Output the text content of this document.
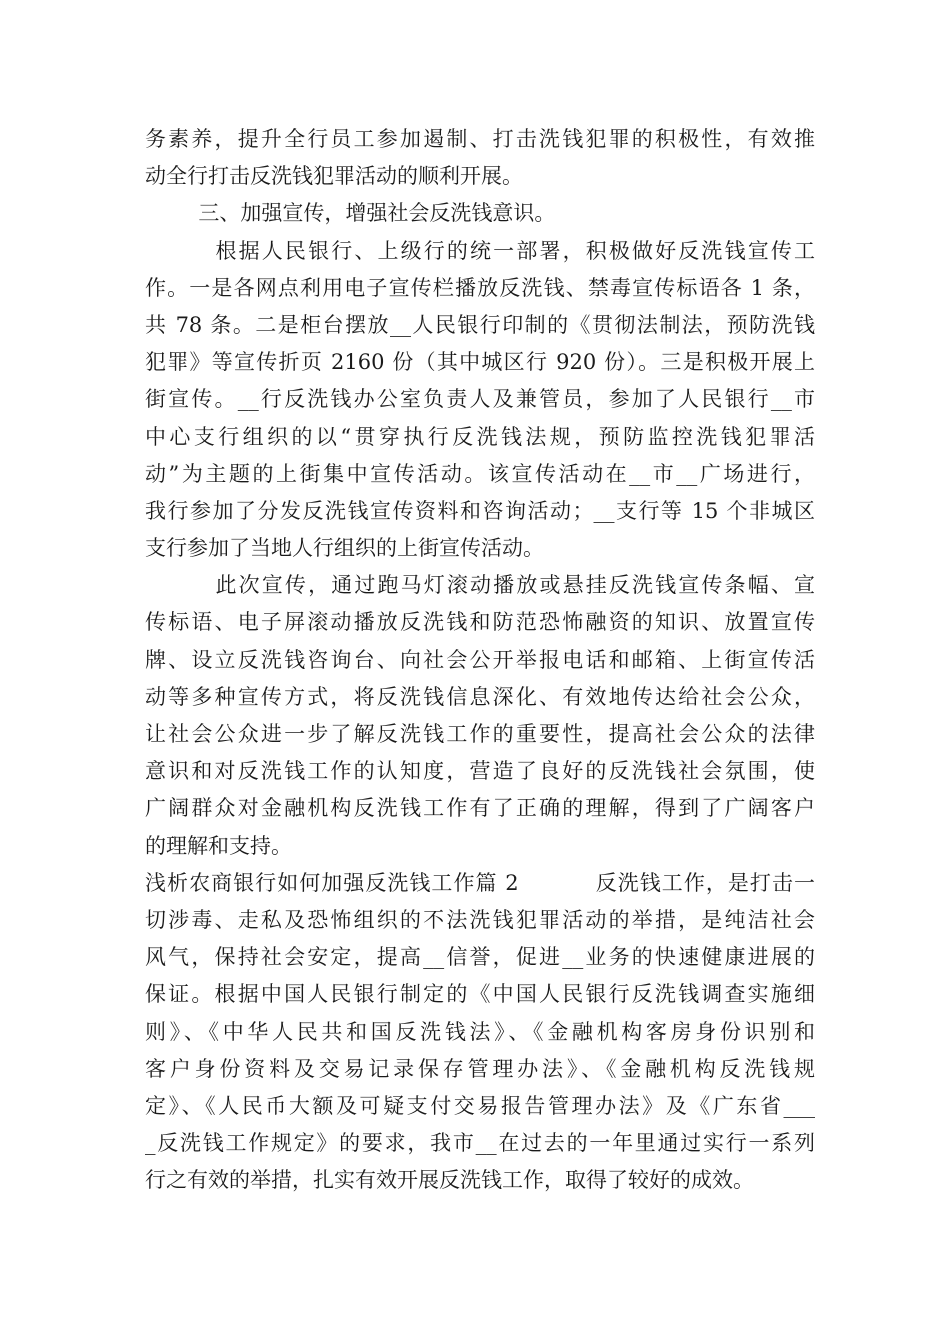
务素养，提升全行员工参加遏制、打击洗钱犯罪的积极性，有效推
动全行打击反洗钱犯罪活动的顺利开展。
三、加强宣传，增强社会反洗钱意识。
根据人民银行、上级行的统一部署，积极做好反洗钱宣传工
作。一是各网点利用电子宣传栏播放反洗钱、禁毒宣传标语各 1 条，
共 78 条。二是柜台摆放__人民银行印制的《贯彻法制法，预防洗钱
犯罪》等宣传折页 2160 份（其中城区行 920 份）。三是积极开展上
街宣传。__行反洗钱办公室负责人及兼管员，参加了人民银行__市
中心支行组织的以“贯穿执行反洗钱法规，预防监控洗钱犯罪活
动”为主题的上街集中宣传活动。该宣传活动在__市__广场进行，
我行参加了分发反洗钱宣传资料和咨询活动；__支行等 15 个非城区
支行参加了当地人行组织的上街宣传活动。
此次宣传，通过跑马灯滚动播放或悬挂反洗钱宣传条幅、宣
传标语、电子屏滚动播放反洗钱和防范恐怖融资的知识、放置宣传
牌、设立反洗钱咨询台、向社会公开举报电话和邮箱、上街宣传活
动等多种宣传方式，将反洗钱信息深化、有效地传达给社会公众，
让社会公众进一步了解反洗钱工作的重要性，提高社会公众的法律
意识和对反洗钱工作的认知度，营造了良好的反洗钱社会氛围，使
广阔群众对金融机构反洗钱工作有了正确的理解，得到了广阔客户
的理解和支持。
浅析农商银行如何加强反洗钱工作篇 2          反洗钱工作，是打击一
切涉毒、走私及恐怖组织的不法洗钱犯罪活动的举措，是纯洁社会
风气，保持社会安定，提高__信誉，促进__业务的快速健康进展的
保证。根据中国人民银行制定的《中国人民银行反洗钱调查实施细
则》、《中华人民共和国反洗钱法》、《金融机构客房身份识别和
客户身份资料及交易记录保存管理办法》、《金融机构反洗钱规
定》、《人民币大额及可疑支付交易报告管理办法》及《广东省___
_反洗钱工作规定》的要求，我市__在过去的一年里通过实行一系列
行之有效的举措，扎实有效开展反洗钱工作，取得了较好的成效。
